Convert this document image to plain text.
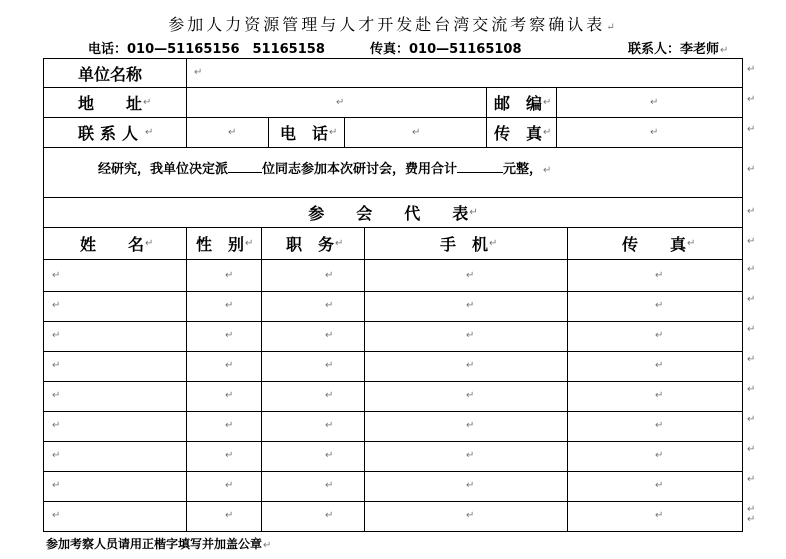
参加人力资源管理与人才开发赴台湾交流考察确认表↵
电话：010—51165156　51165158	传真：010—51165108	联系人：李老师↵
单位名称	↵
地　　址 ↵	↵	邮　编 ↵	↵
联系人 ↵	↵	电　话 ↵	↵	传　真 ↵	↵
经研究，我单位决定派	位同志参加本次研讨会，费用合计	元整，↵
参　　会　　代　　表 ↵
姓　　名 ↵	性　别 ↵ 职　务 ↵	手　机 ↵	传　　真 ↵
↵	↵	↵	↵	↵
↵	↵	↵	↵	↵
↵	↵	↵	↵	↵
↵	↵	↵	↵	↵
↵	↵	↵	↵	↵
↵	↵	↵	↵	↵
↵	↵	↵	↵	↵
↵	↵	↵	↵	↵
↵	↵	↵	↵	↵
↵
↵
↵
↵
↵
↵
↵
↵
↵
↵
↵
↵
↵
↵
↵
↵
参加考察人员请用正楷字填写并加盖公章↵
